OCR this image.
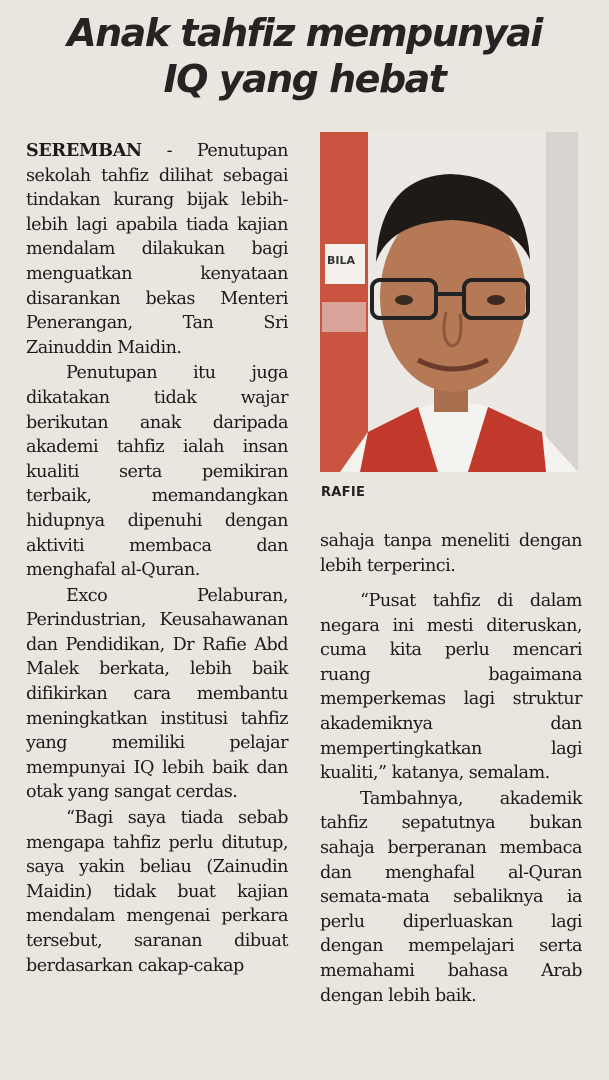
Anak tahfiz mempunyai
IQ yang hebat

SEREMBAN - Penutupan sekolah tahfiz dilihat sebagai tindakan kurang bijak lebih-lebih lagi apabila tiada kajian mendalam dilakukan bagi menguatkan kenyataan disarankan bekas Menteri Penerangan, Tan Sri Zainuddin Maidin.

Penutupan itu juga dikatakan tidak wajar berikutan anak daripada akademi tahfiz ialah insan kualiti serta pemikiran terbaik, memandangkan hidupnya dipenuhi dengan aktiviti membaca dan menghafal al-Quran.

Exco Pelaburan, Perindustrian, Keusahawanan dan Pendidikan, Dr Rafie Abd Malek berkata, lebih baik difikirkan cara membantu meningkatkan institusi tahfiz yang memiliki pelajar mempunyai IQ lebih baik dan otak yang sangat cerdas.

“Bagi saya tiada sebab mengapa tahfiz perlu ditutup, saya yakin beliau (Zainudin Maidin) tidak buat kajian mendalam mengenai perkara tersebut, saranan dibuat berdasarkan cakap-cakap

BILA
RAFIE

sahaja tanpa meneliti dengan lebih terperinci.

“Pusat tahfiz di dalam negara ini mesti diteruskan, cuma kita perlu mencari ruang bagaimana memperkemas lagi struktur akademiknya dan mempertingkatkan lagi kualiti,” katanya, semalam.

Tambahnya, akademik tahfiz sepatutnya bukan sahaja berperanan membaca dan menghafal al-Quran semata-mata sebaliknya ia perlu diperluaskan lagi dengan mempelajari serta memahami bahasa Arab dengan lebih baik.
